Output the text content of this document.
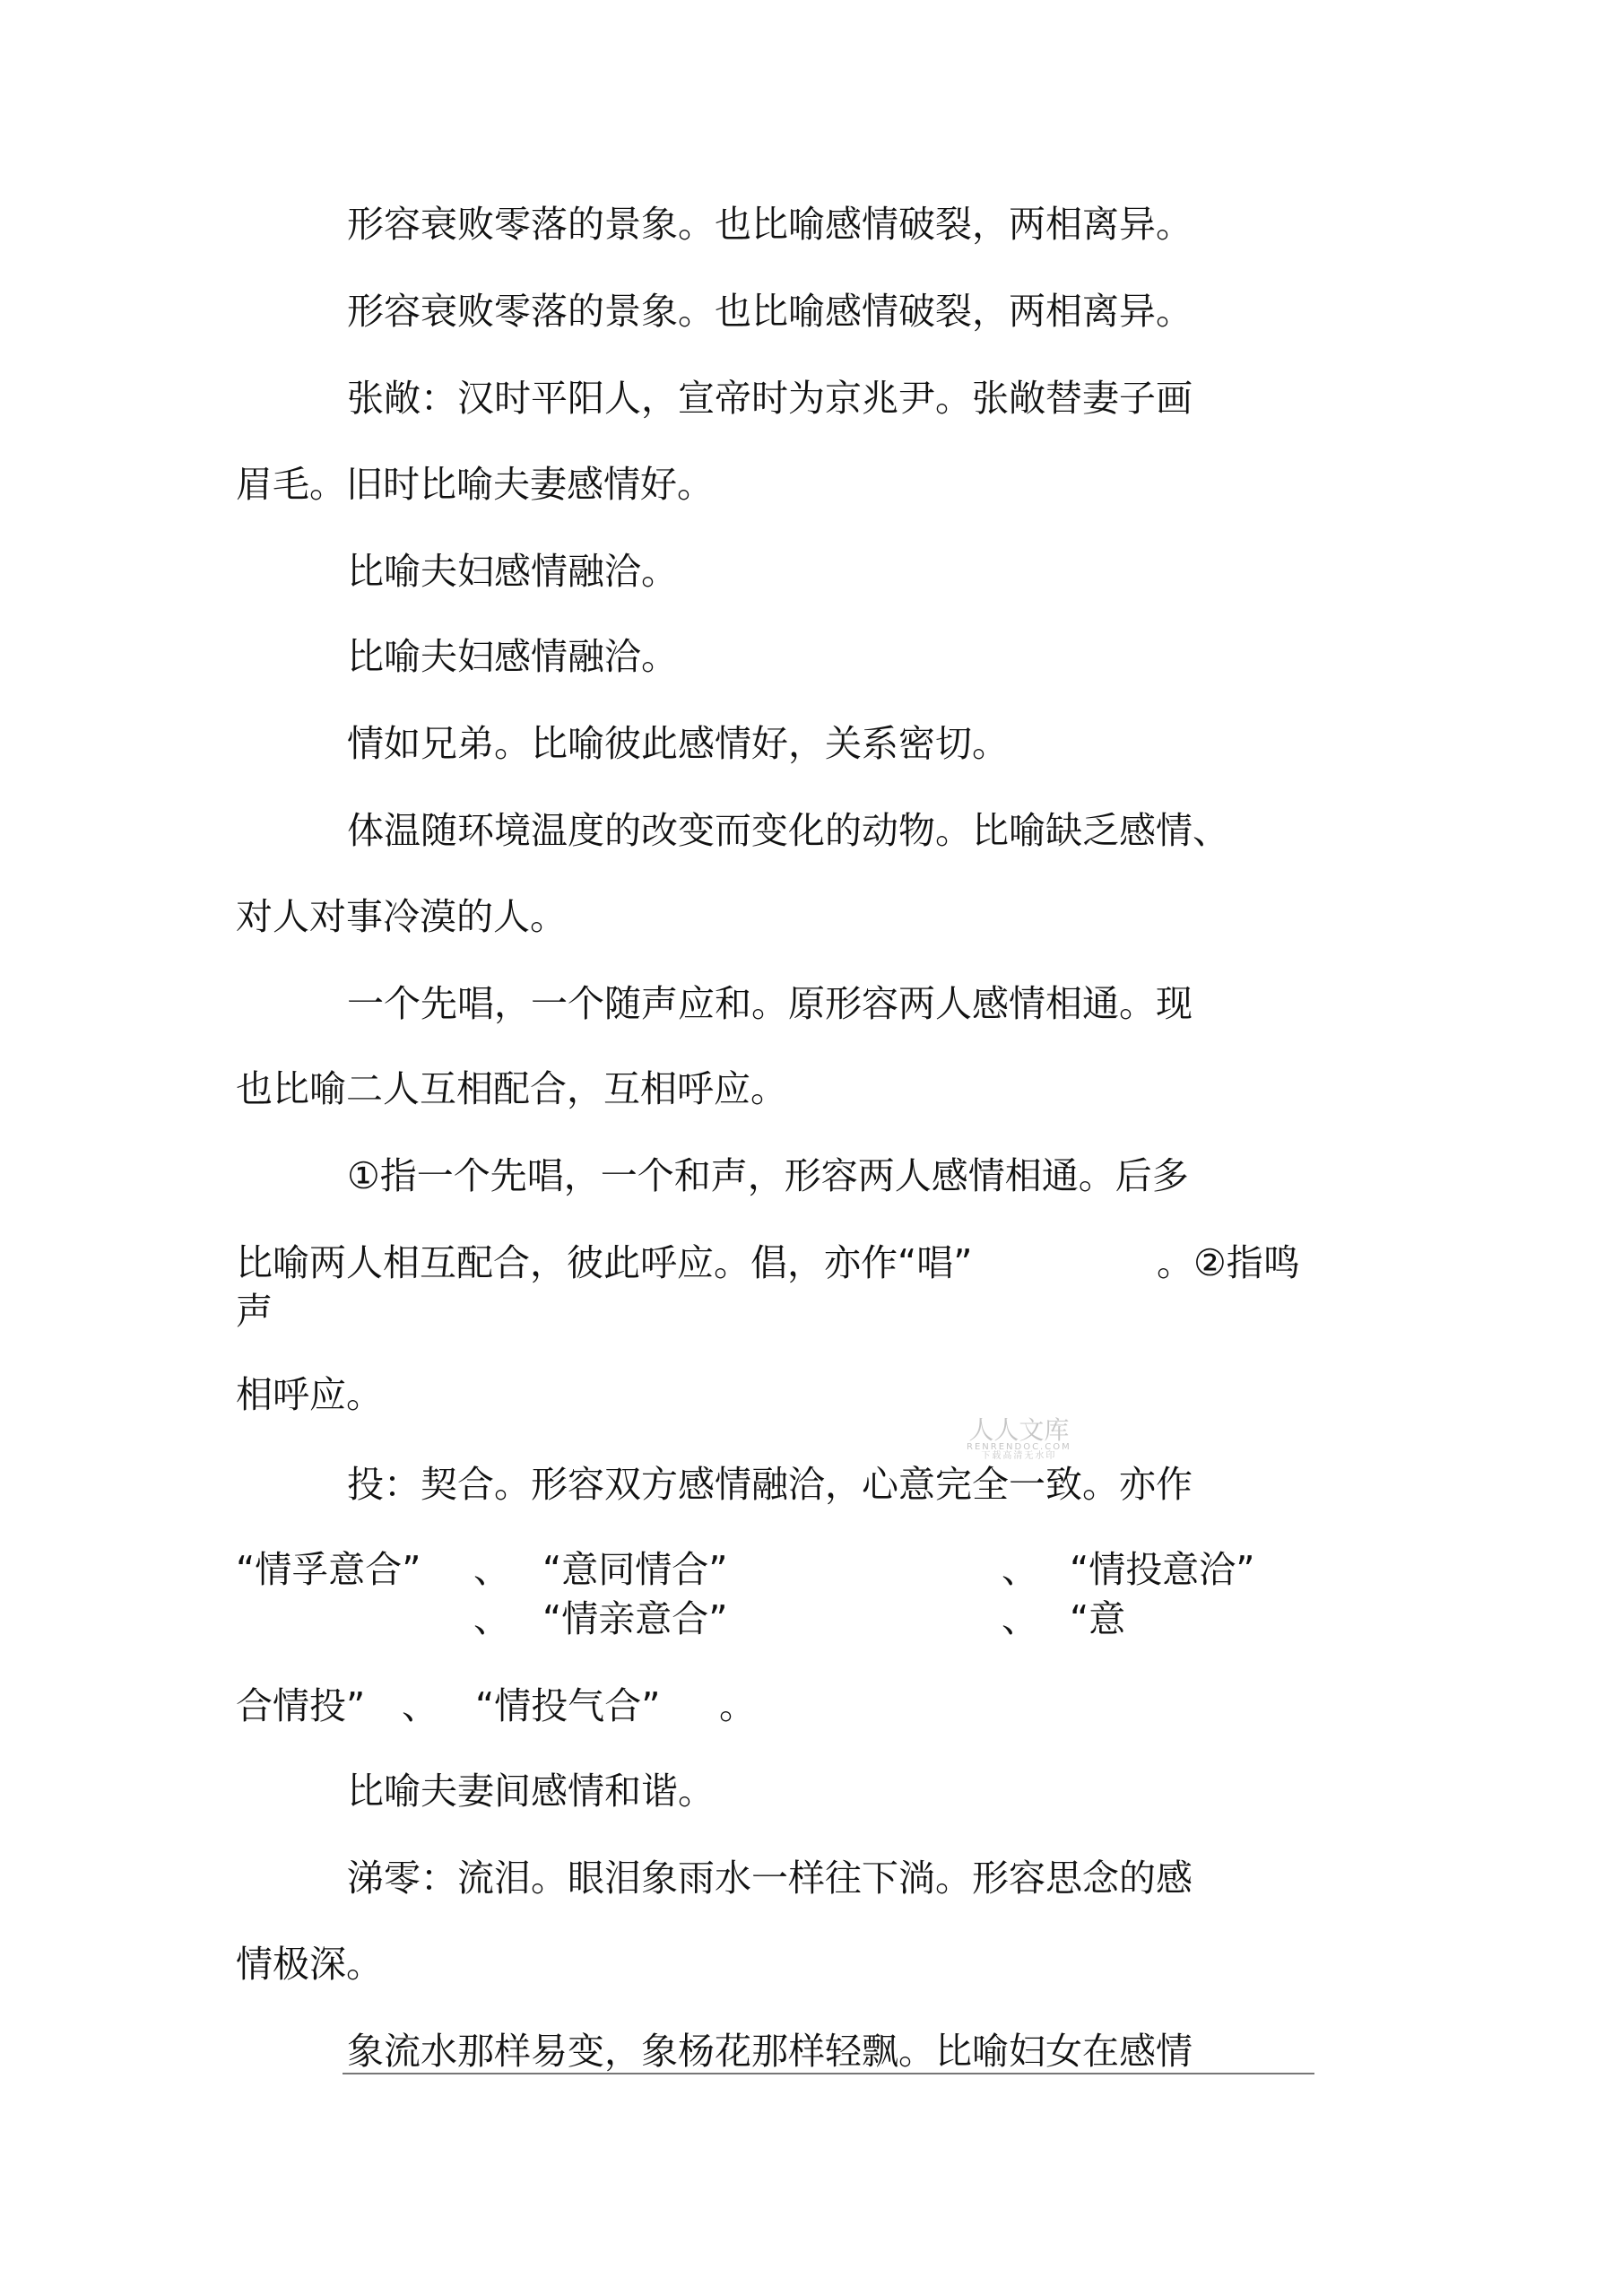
形容衰败零落的景象。也比喻感情破裂，两相离异。
形容衰败零落的景象。也比喻感情破裂，两相离异。
张敞：汉时平阳人，宣帝时为京兆尹。张敞替妻子画
眉毛。旧时比喻夫妻感情好。
比喻夫妇感情融洽。
比喻夫妇感情融洽。
情如兄弟。比喻彼此感情好，关系密切。
体温随环境温度的改变而变化的动物。比喻缺乏感情、
对人对事冷漠的人。
一个先唱，一个随声应和。原形容两人感情相通。现
也比喻二人互相配合，互相呼应。
①指一个先唱，一个和声，形容两人感情相通。后多
比喻两人相互配合，彼此呼应。倡，亦作“唱”	。②指鸣
声
相呼应。
投：契合。形容双方感情融洽，心意完全一致。亦作
“情孚意合” 、 “意同情合”	、 “情投意洽”
、 “情亲意合”	、 “意
合情投” 、 “情投气合” 。
比喻夫妻间感情和谐。
涕零：流泪。眼泪象雨水一样往下淌。形容思念的感
情极深。
象流水那样易变，象杨花那样轻飘。比喻妇女在感情
人人文库
RENRENDOC.COM
下载高清无水印
